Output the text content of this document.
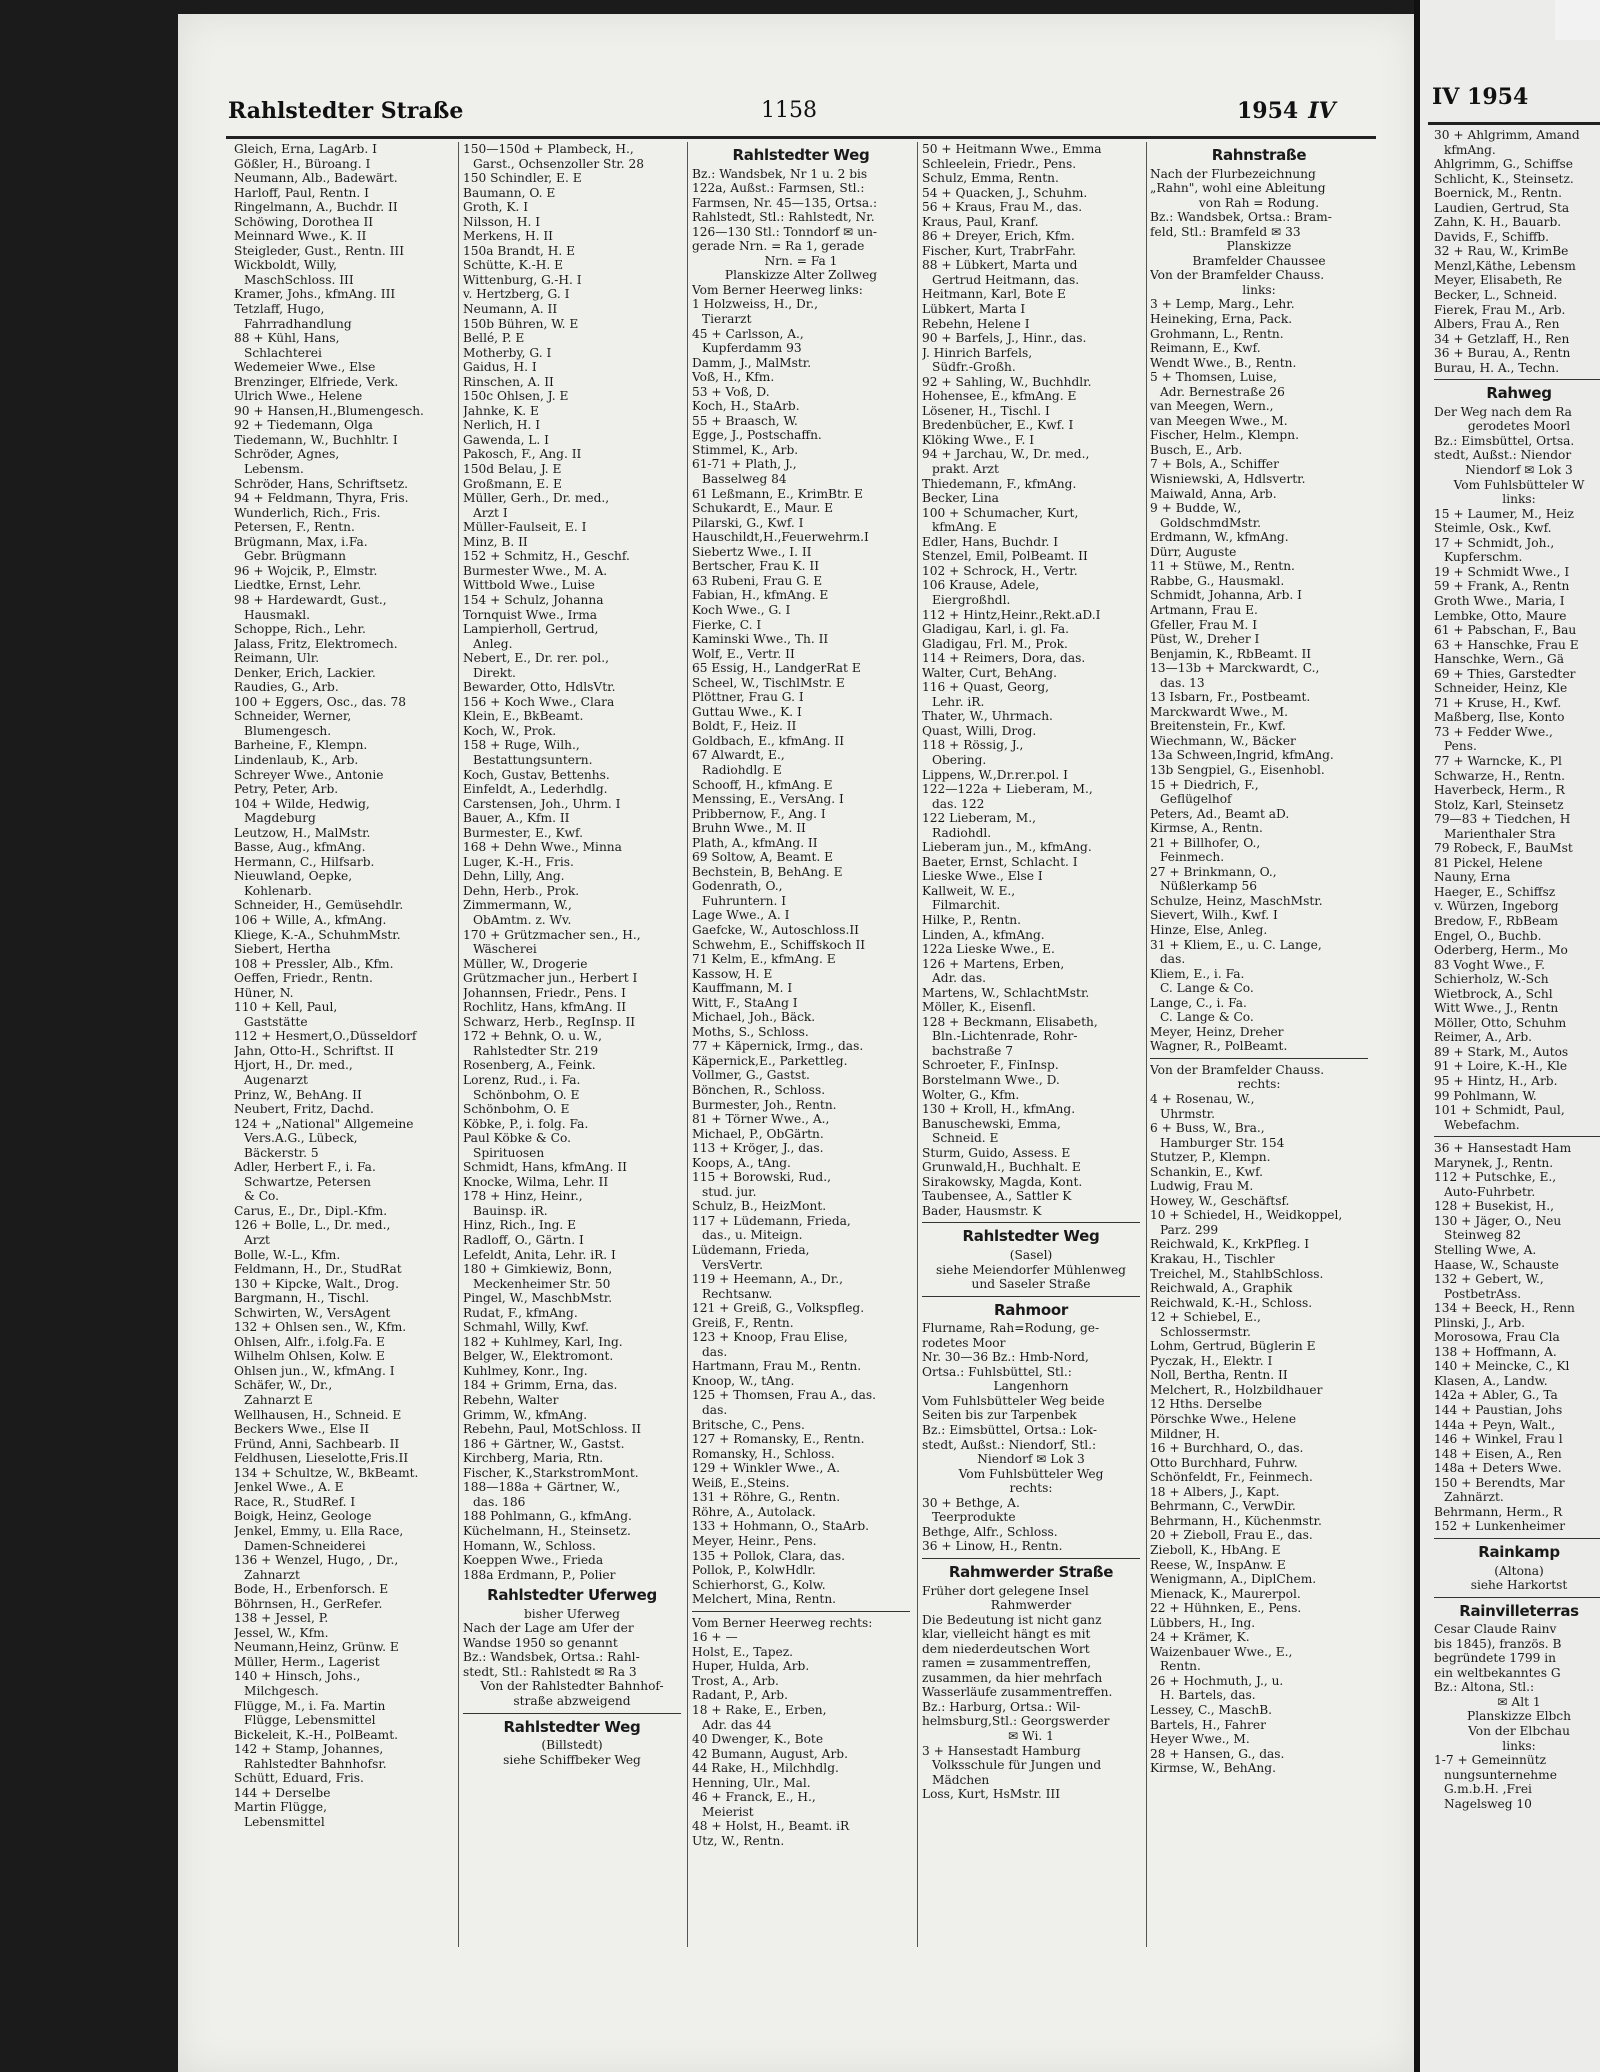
Rahlstedter Straße	1158	1954 IV
Gleich, Erna, LagArb. I
Gößler, H., Büroang. I
Neumann, Alb., Badewärt.
Harloff, Paul, Rentn. I
Ringelmann, A., Buchdr. II
Schöwing, Dorothea II
Meinnard Wwe., K. II
Steigleder, Gust., Rentn. III
Wickboldt, Willy,
MaschSchloss. III
Kramer, Johs., kfmAng. III
Tetzlaff, Hugo,
Fahrradhandlung
88 + Kühl, Hans,
Schlachterei
Wedemeier Wwe., Else
Brenzinger, Elfriede, Verk.
Ulrich Wwe., Helene
90 + Hansen,H.,Blumengesch.
92 + Tiedemann, Olga
Tiedemann, W., Buchhltr. I
Schröder, Agnes,
Lebensm.
Schröder, Hans, Schriftsetz.
94 + Feldmann, Thyra, Fris.
Wunderlich, Rich., Fris.
Petersen, F., Rentn.
Brügmann, Max, i.Fa.
Gebr. Brügmann
96 + Wojcik, P., Elmstr.
Liedtke, Ernst, Lehr.
98 + Hardewardt, Gust.,
Hausmakl.
Schoppe, Rich., Lehr.
Jalass, Fritz, Elektromech.
Reimann, Ulr.
Denker, Erich, Lackier.
Raudies, G., Arb.
100 + Eggers, Osc., das. 78
Schneider, Werner,
Blumengesch.
Barheine, F., Klempn.
Lindenlaub, K., Arb.
Schreyer Wwe., Antonie
Petry, Peter, Arb.
104 + Wilde, Hedwig,
Magdeburg
Leutzow, H., MalMstr.
Basse, Aug., kfmAng.
Hermann, C., Hilfsarb.
Nieuwland, Oepke,
Kohlenarb.
Schneider, H., Gemüsehdlr.
106 + Wille, A., kfmAng.
Kliege, K.-A., SchuhmMstr.
Siebert, Hertha
108 + Pressler, Alb., Kfm.
Oeffen, Friedr., Rentn.
Hüner, N.
110 + Kell, Paul,
Gaststätte
112 + Hesmert,O.,Düsseldorf
Jahn, Otto-H., Schriftst. II
Hjort, H., Dr. med.,
Augenarzt
Prinz, W., BehAng. II
Neubert, Fritz, Dachd.
124 + „National" Allgemeine
Vers.A.G., Lübeck,
Bäckerstr. 5
Adler, Herbert F., i. Fa.
Schwartze, Petersen
& Co.
Carus, E., Dr., Dipl.-Kfm.
126 + Bolle, L., Dr. med.,
Arzt
Bolle, W.-L., Kfm.
Feldmann, H., Dr., StudRat
130 + Kipcke, Walt., Drog.
Bargmann, H., Tischl.
Schwirten, W., VersAgent
132 + Ohlsen sen., W., Kfm.
Ohlsen, Alfr., i.folg.Fa. E
Wilhelm Ohlsen, Kolw. E
Ohlsen jun., W., kfmAng. I
Schäfer, W., Dr.,
Zahnarzt E
Wellhausen, H., Schneid. E
Beckers Wwe., Else II
Fründ, Anni, Sachbearb. II
Feldhusen, Lieselotte,Fris.II
134 + Schultze, W., BkBeamt.
Jenkel Wwe., A. E
Race, R., StudRef. I
Boigk, Heinz, Geologe
Jenkel, Emmy, u. Ella Race,
Damen-Schneiderei
136 + Wenzel, Hugo, , Dr.,
Zahnarzt
Bode, H., Erbenforsch. E
Böhrnsen, H., GerRefer.
138 + Jessel, P.
Jessel, W., Kfm.
Neumann,Heinz, Grünw. E
Müller, Herm., Lagerist
140 + Hinsch, Johs.,
Milchgesch.
Flügge, M., i. Fa. Martin
Flügge, Lebensmittel
Bickeleit, K.-H., PolBeamt.
142 + Stamp, Johannes,
Rahlstedter Bahnhofsr.
Schütt, Eduard, Fris.
144 + Derselbe
Martin Flügge,
Lebensmittel
150—150d + Plambeck, H.,
Garst., Ochsenzoller Str. 28
150 Schindler, E. E
Baumann, O. E
Groth, K. I
Nilsson, H. I
Merkens, H. II
150a Brandt, H. E
Schütte, K.-H. E
Wittenburg, G.-H. I
v. Hertzberg, G. I
Neumann, A. II
150b Bühren, W. E
Bellé, P. E
Motherby, G. I
Gaidus, H. I
Rinschen, A. II
150c Ohlsen, J. E
Jahnke, K. E
Nerlich, H. I
Gawenda, L. I
Pakosch, F., Ang. II
150d Belau, J. E
Großmann, E. E
Müller, Gerh., Dr. med.,
Arzt I
Müller-Faulseit, E. I
Minz, B. II
152 + Schmitz, H., Geschf.
Burmester Wwe., M. A.
Wittbold Wwe., Luise
154 + Schulz, Johanna
Tornquist Wwe., Irma
Lampierholl, Gertrud,
Anleg.
Nebert, E., Dr. rer. pol.,
Direkt.
Bewarder, Otto, HdlsVtr.
156 + Koch Wwe., Clara
Klein, E., BkBeamt.
Koch, W., Prok.
158 + Ruge, Wilh.,
Bestattungsuntern.
Koch, Gustav, Bettenhs.
Einfeldt, A., Lederhdlg.
Carstensen, Joh., Uhrm. I
Bauer, A., Kfm. II
Burmester, E., Kwf.
168 + Dehn Wwe., Minna
Luger, K.-H., Fris.
Dehn, Lilly, Ang.
Dehn, Herb., Prok.
Zimmermann, W.,
ObAmtm. z. Wv.
170 + Grützmacher sen., H.,
Wäscherei
Müller, W., Drogerie
Grützmacher jun., Herbert I
Johannsen, Friedr., Pens. I
Rochlitz, Hans, kfmAng. II
Schwarz, Herb., RegInsp. II
172 + Behnk, O. u. W.,
Rahlstedter Str. 219
Rosenberg, A., Feink.
Lorenz, Rud., i. Fa.
Schönbohm, O. E
Schönbohm, O. E
Köbke, P., i. folg. Fa.
Paul Köbke & Co.
Spirituosen
Schmidt, Hans, kfmAng. II
Knocke, Wilma, Lehr. II
178 + Hinz, Heinr.,
Bauinsp. iR.
Hinz, Rich., Ing. E
Radloff, O., Gärtn. I
Lefeldt, Anita, Lehr. iR. I
180 + Gimkiewiz, Bonn,
Meckenheimer Str. 50
Pingel, W., MaschbMstr.
Rudat, F., kfmAng.
Schmahl, Willy, Kwf.
182 + Kuhlmey, Karl, Ing.
Belger, W., Elektromont.
Kuhlmey, Konr., Ing.
184 + Grimm, Erna, das.
Rebehn, Walter
Grimm, W., kfmAng.
Rebehn, Paul, MotSchloss. II
186 + Gärtner, W., Gastst.
Kirchberg, Maria, Rtn.
Fischer, K.,StarkstromMont.
188—188a + Gärtner, W.,
das. 186
188 Pohlmann, G., kfmAng.
Küchelmann, H., Steinsetz.
Homann, W., Schloss.
Koeppen Wwe., Frieda
188a Erdmann, P., Polier
Rahlstedter Uferweg
bisher Uferweg
Nach der Lage am Ufer der
Wandse 1950 so genannt
Bz.: Wandsbek, Ortsa.: Rahl-
stedt, Stl.: Rahlstedt ✉ Ra 3
Von der Rahlstedter Bahnhof-
straße abzweigend
Rahlstedter Weg
(Billstedt)
siehe Schiffbeker Weg
Rahlstedter Weg
Bz.: Wandsbek, Nr 1 u. 2 bis
122a, Außst.: Farmsen, Stl.:
Farmsen, Nr. 45—135, Ortsa.:
Rahlstedt, Stl.: Rahlstedt, Nr.
126—130 Stl.: Tonndorf ✉ un-
gerade Nrn. = Ra 1, gerade
Nrn. = Fa 1
Planskizze Alter Zollweg
Vom Berner Heerweg links:
1 Holzweiss, H., Dr.,
Tierarzt
45 + Carlsson, A.,
Kupferdamm 93
Damm, J., MalMstr.
Voß, H., Kfm.
53 + Voß, D.
Koch, H., StaArb.
55 + Braasch, W.
Egge, J., Postschaffn.
Stimmel, K., Arb.
61-71 + Plath, J.,
Basselweg 84
61 Leßmann, E., KrimBtr. E
Schukardt, E., Maur. E
Pilarski, G., Kwf. I
Hauschildt,H.,Feuerwehrm.I
Siebertz Wwe., I. II
Bertscher, Frau K. II
63 Rubeni, Frau G. E
Fabian, H., kfmAng. E
Koch Wwe., G. I
Fierke, C. I
Kaminski Wwe., Th. II
Wolf, E., Vertr. II
65 Essig, H., LandgerRat E
Scheel, W., TischlMstr. E
Plöttner, Frau G. I
Guttau Wwe., K. I
Boldt, F., Heiz. II
Goldbach, E., kfmAng. II
67 Alwardt, E.,
Radiohdlg. E
Schooff, H., kfmAng. E
Menssing, E., VersAng. I
Pribbernow, F., Ang. I
Bruhn Wwe., M. II
Plath, A., kfmAng. II
69 Soltow, A, Beamt. E
Bechstein, B, BehAng. E
Godenrath, O.,
Fuhruntern. I
Lage Wwe., A. I
Gaefcke, W., Autoschloss.II
Schwehm, E., Schiffskoch II
71 Kelm, E., kfmAng. E
Kassow, H. E
Kauffmann, M. I
Witt, F., StaAng I
Michael, Joh., Bäck.
Moths, S., Schloss.
77 + Käpernick, Irmg., das.
Käpernick,E., Parkettleg.
Vollmer, G., Gastst.
Bönchen, R., Schloss.
Burmester, Joh., Rentn.
81 + Törner Wwe., A.,
Michael, P., ObGärtn.
113 + Kröger, J., das.
Koops, A., tAng.
115 + Borowski, Rud.,
stud. jur.
Schulz, B., HeizMont.
117 + Lüdemann, Frieda,
das., u. Miteign.
Lüdemann, Frieda,
VersVertr.
119 + Heemann, A., Dr.,
Rechtsanw.
121 + Greiß, G., Volkspfleg.
Greiß, F., Rentn.
123 + Knoop, Frau Elise,
das.
Hartmann, Frau M., Rentn.
Knoop, W., tAng.
125 + Thomsen, Frau A., das.
das.
Britsche, C., Pens.
127 + Romansky, E., Rentn.
Romansky, H., Schloss.
129 + Winkler Wwe., A.
Weiß, E.,Steins.
131 + Röhre, G., Rentn.
Röhre, A., Autolack.
133 + Hohmann, O., StaArb.
Meyer, Heinr., Pens.
135 + Pollok, Clara, das.
Pollok, P., KolwHdlr.
Schierhorst, G., Kolw.
Melchert, Mina, Rentn.
Vom Berner Heerweg rechts:
16 + —
Holst, E., Tapez.
Huper, Hulda, Arb.
Trost, A., Arb.
Radant, P., Arb.
18 + Rake, E., Erben,
Adr. das 44
40 Dwenger, K., Bote
42 Bumann, August, Arb.
44 Rake, H., Milchhdlg.
Henning, Ulr., Mal.
46 + Franck, E., H.,
Meierist
48 + Holst, H., Beamt. iR
Utz, W., Rentn.
50 + Heitmann Wwe., Emma
Schleelein, Friedr., Pens.
Schulz, Emma, Rentn.
54 + Quacken, J., Schuhm.
56 + Kraus, Frau M., das.
Kraus, Paul, Kranf.
86 + Dreyer, Erich, Kfm.
Fischer, Kurt, TrabrFahr.
88 + Lübkert, Marta und
Gertrud Heitmann, das.
Heitmann, Karl, Bote E
Lübkert, Marta I
Rebehn, Helene I
90 + Barfels, J., Hinr., das.
J. Hinrich Barfels,
Südfr.-Großh.
92 + Sahling, W., Buchhdlr.
Hohensee, E., kfmAng. E
Lösener, H., Tischl. I
Bredenbücher, E., Kwf. I
Klöking Wwe., F. I
94 + Jarchau, W., Dr. med.,
prakt. Arzt
Thiedemann, F., kfmAng.
Becker, Lina
100 + Schumacher, Kurt,
kfmAng. E
Edler, Hans, Buchdr. I
Stenzel, Emil, PolBeamt. II
102 + Schrock, H., Vertr.
106 Krause, Adele,
Eiergroßhdl.
112 + Hintz,Heinr.,Rekt.aD.I
Gladigau, Karl, i. gl. Fa.
Gladigau, Frl. M., Prok.
114 + Reimers, Dora, das.
Walter, Curt, BehAng.
116 + Quast, Georg,
Lehr. iR.
Thater, W., Uhrmach.
Quast, Willi, Drog.
118 + Rössig, J.,
Obering.
Lippens, W.,Dr.rer.pol. I
122—122a + Lieberam, M.,
das. 122
122 Lieberam, M.,
Radiohdl.
Lieberam jun., M., kfmAng.
Baeter, Ernst, Schlacht. I
Lieske Wwe., Else I
Kallweit, W. E.,
Filmarchit.
Hilke, P., Rentn.
Linden, A., kfmAng.
122a Lieske Wwe., E.
126 + Martens, Erben,
Adr. das.
Martens, W., SchlachtMstr.
Möller, K., Eisenfl.
128 + Beckmann, Elisabeth,
Bln.-Lichtenrade, Rohr-
bachstraße 7
Schroeter, F., FinInsp.
Borstelmann Wwe., D.
Wolter, G., Kfm.
130 + Kroll, H., kfmAng.
Banuschewski, Emma,
Schneid. E
Sturm, Guido, Assess. E
Grunwald,H., Buchhalt. E
Sirakowsky, Magda, Kont.
Taubensee, A., Sattler K
Bader, Hausmstr. K
Rahlstedter Weg
(Sasel)
siehe Meiendorfer Mühlenweg
und Saseler Straße
Rahmoor
Flurname, Rah=Rodung, ge-
rodetes Moor
Nr. 30—36 Bz.: Hmb-Nord,
Ortsa.: Fuhlsbüttel, Stl.:
Langenhorn
Vom Fuhlsbütteler Weg beide
Seiten bis zur Tarpenbek
Bz.: Eimsbüttel, Ortsa.: Lok-
stedt, Außst.: Niendorf, Stl.:
Niendorf ✉ Lok 3
Vom Fuhlsbütteler Weg
rechts:
30 + Bethge, A.
Teerprodukte
Bethge, Alfr., Schloss.
36 + Linow, H., Rentn.
Rahmwerder Straße
Früher dort gelegene Insel
Rahmwerder
Die Bedeutung ist nicht ganz
klar, vielleicht hängt es mit
dem niederdeutschen Wort
ramen = zusammentreffen,
zusammen, da hier mehrfach
Wasserläufe zusammentreffen.
Bz.: Harburg, Ortsa.: Wil-
helmsburg,Stl.: Georgswerder
✉ Wi. 1
3 + Hansestadt Hamburg
Volksschule für Jungen und
Mädchen
Loss, Kurt, HsMstr. III
Rahnstraße
Nach der Flurbezeichnung
„Rahn", wohl eine Ableitung
von Rah = Rodung.
Bz.: Wandsbek, Ortsa.: Bram-
feld, Stl.: Bramfeld ✉ 33
Planskizze
Bramfelder Chaussee
Von der Bramfelder Chauss.
links:
3 + Lemp, Marg., Lehr.
Heineking, Erna, Pack.
Grohmann, L., Rentn.
Reimann, E., Kwf.
Wendt Wwe., B., Rentn.
5 + Thomsen, Luise,
Adr. Bernestraße 26
van Meegen, Wern.,
van Meegen Wwe., M.
Fischer, Helm., Klempn.
Busch, E., Arb.
7 + Bols, A., Schiffer
Wisniewski, A, Hdlsvertr.
Maiwald, Anna, Arb.
9 + Budde, W.,
GoldschmdMstr.
Erdmann, W., kfmAng.
Dürr, Auguste
11 + Stüwe, M., Rentn.
Rabbe, G., Hausmakl.
Schmidt, Johanna, Arb. I
Artmann, Frau E.
Gfeller, Frau M. I
Püst, W., Dreher I
Benjamin, K., RbBeamt. II
13—13b + Marckwardt, C.,
das. 13
13 Isbarn, Fr., Postbeamt.
Marckwardt Wwe., M.
Breitenstein, Fr., Kwf.
Wiechmann, W., Bäcker
13a Schween,Ingrid, kfmAng.
13b Sengpiel, G., Eisenhobl.
15 + Diedrich, F.,
Geflügelhof
Peters, Ad., Beamt aD.
Kirmse, A., Rentn.
21 + Billhofer, O.,
Feinmech.
27 + Brinkmann, O.,
Nüßlerkamp 56
Schulze, Heinz, MaschMstr.
Sievert, Wilh., Kwf. I
Hinze, Else, Anleg.
31 + Kliem, E., u. C. Lange,
das.
Kliem, E., i. Fa.
C. Lange & Co.
Lange, C., i. Fa.
C. Lange & Co.
Meyer, Heinz, Dreher
Wagner, R., PolBeamt.
Von der Bramfelder Chauss.
rechts:
4 + Rosenau, W.,
Uhrmstr.
6 + Buss, W., Bra.,
Hamburger Str. 154
Stutzer, P., Klempn.
Schankin, E., Kwf.
Ludwig, Frau M.
Howey, W., Geschäftsf.
10 + Schiedel, H., Weidkoppel,
Parz. 299
Reichwald, K., KrkPfleg. I
Krakau, H., Tischler
Treichel, M., StahlbSchloss.
Reichwald, A., Graphik
Reichwald, K.-H., Schloss.
12 + Schiebel, E.,
Schlossermstr.
Lohm, Gertrud, Büglerin E
Pyczak, H., Elektr. I
Noll, Bertha, Rentn. II
Melchert, R., Holzbildhauer
12 Hths. Derselbe
Pörschke Wwe., Helene
Mildner, H.
16 + Burchhard, O., das.
Otto Burchhard, Fuhrw.
Schönfeldt, Fr., Feinmech.
18 + Albers, J., Kapt.
Behrmann, C., VerwDir.
Behrmann, H., Küchenmstr.
20 + Zieboll, Frau E., das.
Zieboll, K., HbAng. E
Reese, W., InspAnw. E
Wenigmann, A., DiplChem.
Mienack, K., Maurerpol.
22 + Hühnken, E., Pens.
Lübbers, H., Ing.
24 + Krämer, K.
Waizenbauer Wwe., E.,
Rentn.
26 + Hochmuth, J., u.
H. Bartels, das.
Lessey, C., MaschB.
Bartels, H., Fahrer
Heyer Wwe., M.
28 + Hansen, G., das.
Kirmse, W., BehAng.
IV 1954
30 + Ahlgrimm, Amand
kfmAng.
Ahlgrimm, G., Schiffse
Schlicht, K., Steinsetz.
Boernick, M., Rentn.
Laudien, Gertrud, Sta
Zahn, K. H., Bauarb.
Davids, F., Schiffb.
32 + Rau, W., KrimBe
Menzl,Käthe, Lebensm
Meyer, Elisabeth, Re
Becker, L., Schneid.
Fierek, Frau M., Arb.
Albers, Frau A., Ren
34 + Getzlaff, H., Ren
36 + Burau, A., Rentn
Burau, H. A., Techn.
Rahweg
Der Weg nach dem Ra
gerodetes Moorl
Bz.: Eimsbüttel, Ortsa.
stedt, Außst.: Niendor
Niendorf ✉ Lok 3
Vom Fuhlsbütteler W
links:
15 + Laumer, M., Heiz
Steimle, Osk., Kwf.
17 + Schmidt, Joh.,
Kupferschm.
19 + Schmidt Wwe., I
59 + Frank, A., Rentn
Groth Wwe., Maria, I
Lembke, Otto, Maure
61 + Pabschan, F., Bau
63 + Hanschke, Frau E
Hanschke, Wern., Gä
69 + Thies, Garstedter
Schneider, Heinz, Kle
71 + Kruse, H., Kwf.
Maßberg, Ilse, Konto
73 + Fedder Wwe.,
Pens.
77 + Warncke, K., Pl
Schwarze, H., Rentn.
Haverbeck, Herm., R
Stolz, Karl, Steinsetz
79—83 + Tiedchen, H
Marienthaler Stra
79 Robeck, F., BauMst
81 Pickel, Helene
Nauny, Erna
Haeger, E., Schiffsz
v. Würzen, Ingeborg
Bredow, F., RbBeam
Engel, O., Buchb.
Oderberg, Herm., Mo
83 Voght Wwe., F.
Schierholz, W.-Sch
Wietbrock, A., Schl
Witt Wwe., J., Rentn
Möller, Otto, Schuhm
Reimer, A., Arb.
89 + Stark, M., Autos
91 + Loire, K.-H., Kle
95 + Hintz, H., Arb.
99 Pohlmann, W.
101 + Schmidt, Paul,
Webefachm.
36 + Hansestadt Ham
Marynek, J., Rentn.
112 + Putschke, E.,
Auto-Fuhrbetr.
128 + Busekist, H.,
130 + Jäger, O., Neu
Steinweg 82
Stelling Wwe, A.
Haase, W., Schauste
132 + Gebert, W.,
PostbetrAss.
134 + Beeck, H., Renn
Plinski, J., Arb.
Morosowa, Frau Cla
138 + Hoffmann, A.
140 + Meincke, C., Kl
Klasen, A., Landw.
142a + Abler, G., Ta
144 + Paustian, Johs
144a + Peyn, Walt.,
146 + Winkel, Frau l
148 + Eisen, A., Ren
148a + Deters Wwe.
150 + Berendts, Mar
Zahnärzt.
Behrmann, Herm., R
152 + Lunkenheimer
Rainkamp
(Altona)
siehe Harkortst
Rainvilleterras
Cesar Claude Rainv
bis 1845), französ. B
begründete 1799 in
ein weltbekanntes G
Bz.: Altona, Stl.:
✉ Alt 1
Planskizze Elbch
Von der Elbchau
links:
1-7 + Gemeinnütz
nungsunternehme
G.m.b.H. ,Frei
Nagelsweg 10
